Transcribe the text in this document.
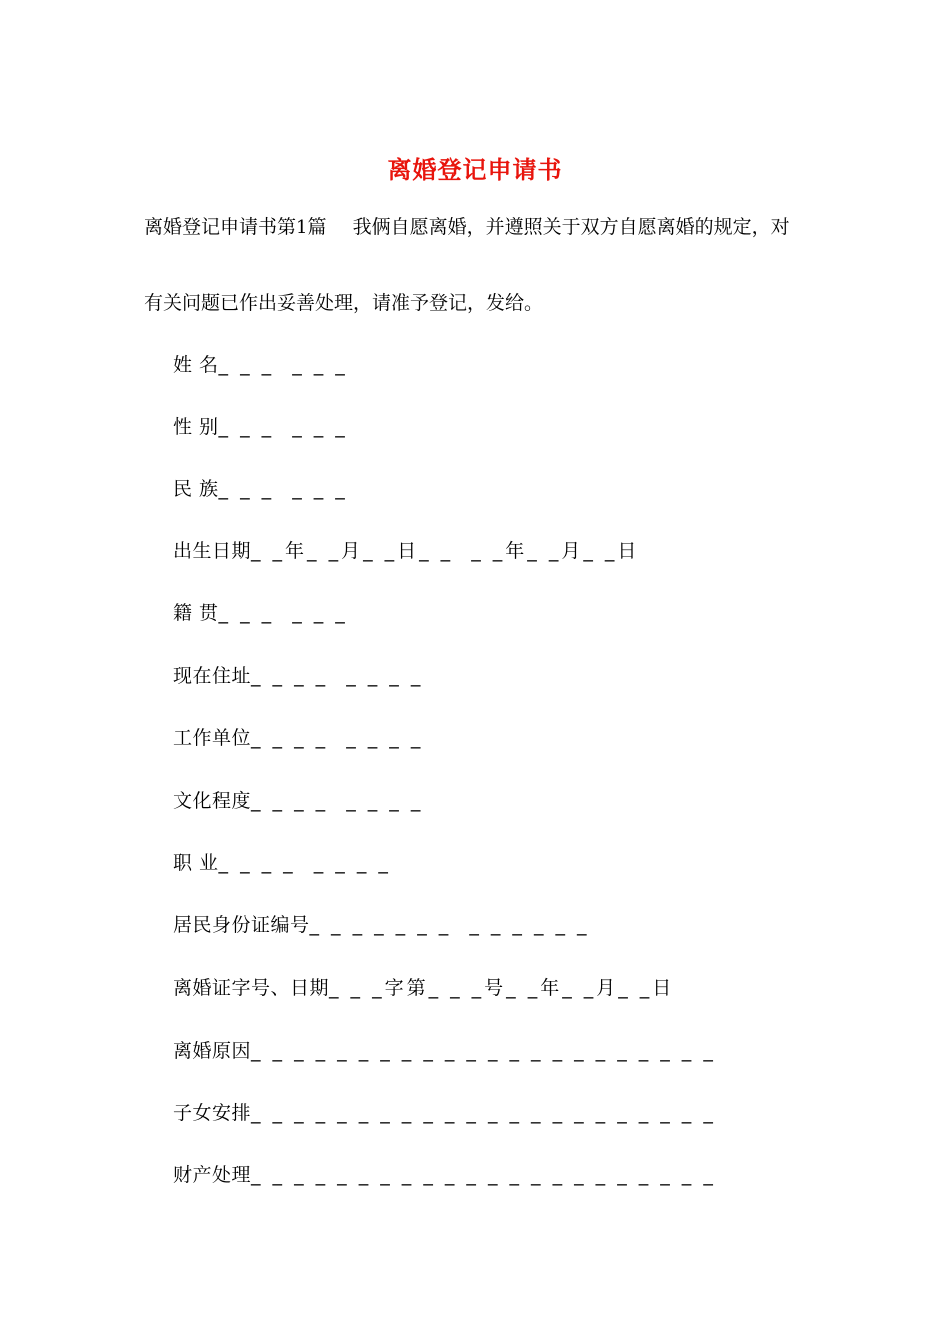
离婚登记申请书
离婚登记申请书第1篇 我俩自愿离婚，并遵照关于双方自愿离婚的规定，对
有关问题已作出妥善处理，请准予登记，发给。
姓 名_ _ _  _ _ _
性 别_ _ _  _ _ _
民 族_ _ _  _ _ _
出生日期_ _年_ _月_ _日_ _  _ _年_ _月_ _日
籍 贯_ _ _  _ _ _
现在住址_ _ _ _  _ _ _ _
工作单位_ _ _ _  _ _ _ _
文化程度_ _ _ _  _ _ _ _
职 业_ _ _ _  _ _ _ _
居民身份证编号_ _ _ _ _ _ _  _ _ _ _ _ _
离婚证字号、日期_ _ _字第_ _ _号_ _年_ _月_ _日
离婚原因_ _ _ _ _ _ _ _ _ _ _ _ _ _ _ _ _ _ _ _ _ _
子女安排_ _ _ _ _ _ _ _ _ _ _ _ _ _ _ _ _ _ _ _ _ _
财产处理_ _ _ _ _ _ _ _ _ _ _ _ _ _ _ _ _ _ _ _ _ _
